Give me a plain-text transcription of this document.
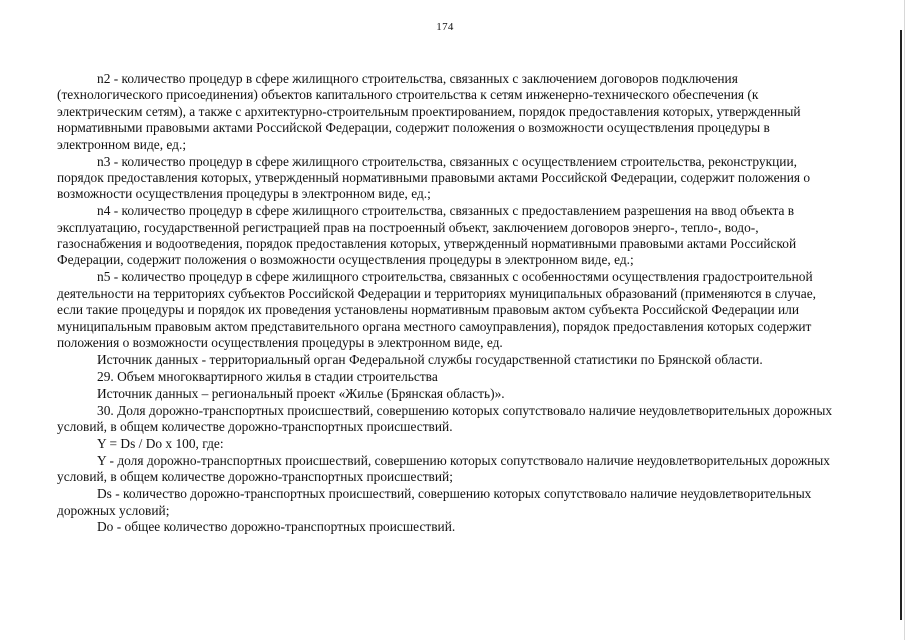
174

n2 - количество процедур в сфере жилищного строительства, связанных с заключением договоров подключения (технологического присоединения) объектов капитального строительства к сетям инженерно-технического обеспечения (к электрическим сетям), а также с архитектурно-строительным проектированием, порядок предоставления которых, утвержденный нормативными правовыми актами Российской Федерации, содержит положения о возможности осуществления процедуры в электронном виде, ед.;

n3 - количество процедур в сфере жилищного строительства, связанных с осуществлением строительства, реконструкции, порядок предоставления которых, утвержденный нормативными правовыми актами Российской Федерации, содержит положения о возможности осуществления процедуры в электронном виде, ед.;

n4 - количество процедур в сфере жилищного строительства, связанных с предоставлением разрешения на ввод объекта в эксплуатацию, государственной регистрацией прав на построенный объект, заключением договоров энерго-, тепло-, водо-, газоснабжения и водоотведения, порядок предоставления которых, утвержденный нормативными правовыми актами Российской Федерации, содержит положения о возможности осуществления процедуры в электронном виде, ед.;

n5 - количество процедур в сфере жилищного строительства, связанных с особенностями осуществления градостроительной деятельности на территориях субъектов Российской Федерации и территориях муниципальных образований (применяются в случае, если такие процедуры и порядок их проведения установлены нормативным правовым актом субъекта Российской Федерации или муниципальным правовым актом представительного органа местного самоуправления), порядок предоставления которых содержит положения о возможности осуществления процедуры в электронном виде, ед.

Источник данных - территориальный орган Федеральной службы государственной статистики по Брянской области.

29. Объем многоквартирного жилья в стадии строительства

Источник данных – региональный проект «Жилье (Брянская область)».

30. Доля дорожно-транспортных происшествий, совершению которых сопутствовало наличие неудовлетворительных дорожных условий, в общем количестве дорожно-транспортных происшествий.

Y = Ds / Do x 100, где:

Y - доля дорожно-транспортных происшествий, совершению которых сопутствовало наличие неудовлетворительных дорожных условий, в общем количестве дорожно-транспортных происшествий;

Ds - количество дорожно-транспортных происшествий, совершению которых сопутствовало наличие неудовлетворительных дорожных условий;

Do - общее количество дорожно-транспортных происшествий.
